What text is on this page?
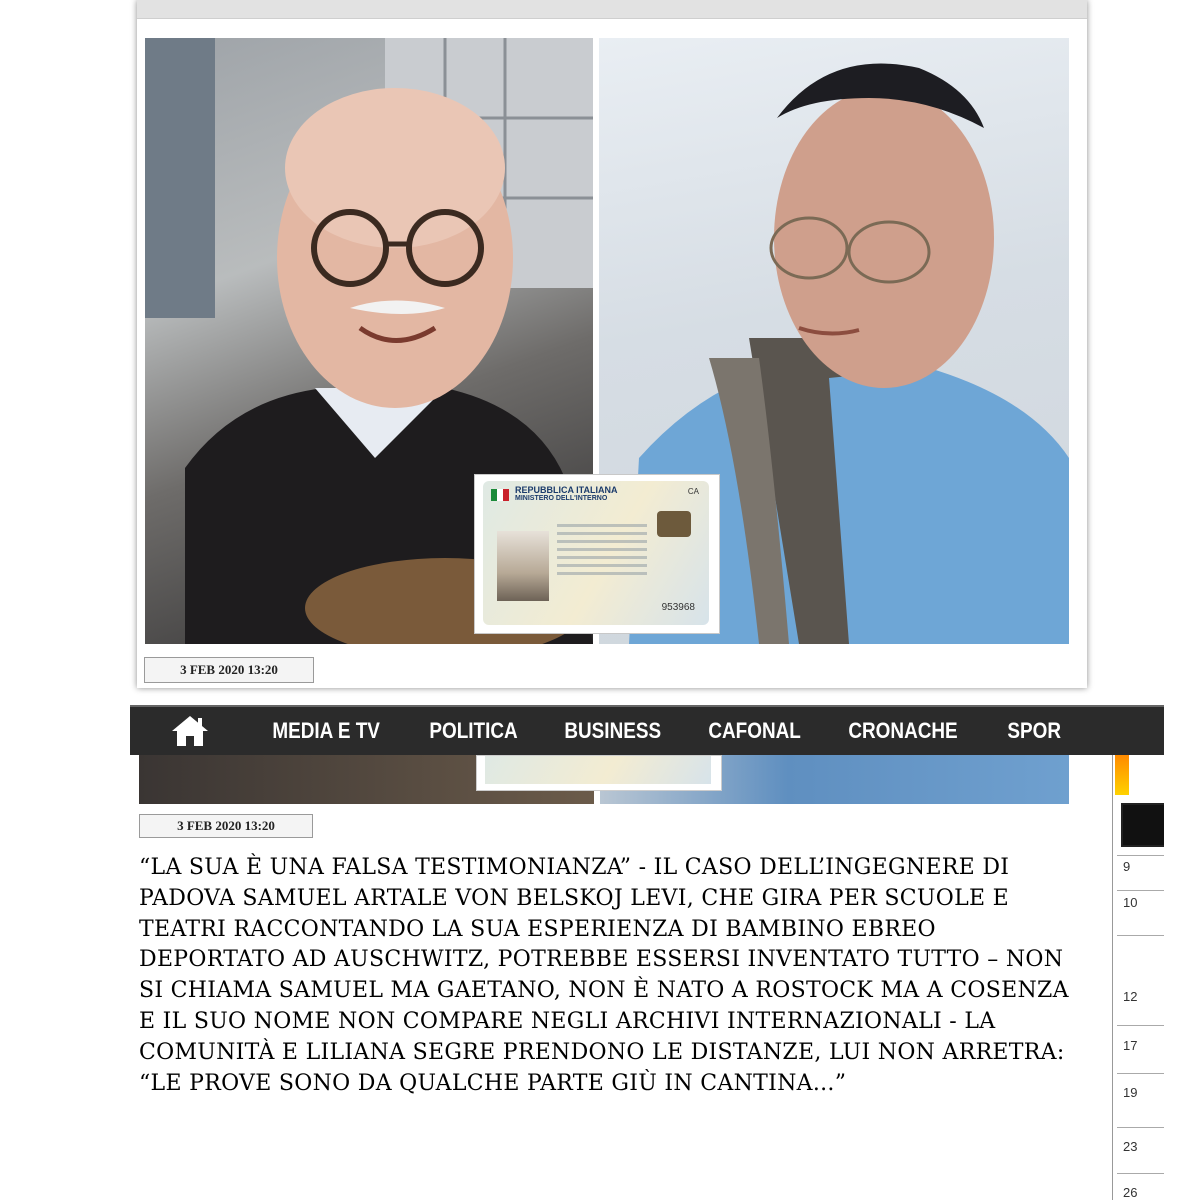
REPUBBLICA ITALIANA
MINISTERO DELL'INTERNO
CA
953968
3 FEB 2020 13:20
MEDIA E TV	POLITICA	BUSINESS	CAFONAL	CRONACHE	SPOR
3 FEB 2020 13:20
“LA SUA È UNA FALSA TESTIMONIANZA” - IL CASO DELL’INGEGNERE DI PADOVA SAMUEL ARTALE VON BELSKOJ LEVI, CHE GIRA PER SCUOLE E TEATRI RACCONTANDO LA SUA ESPERIENZA DI BAMBINO EBREO DEPORTATO AD AUSCHWITZ, POTREBBE ESSERSI INVENTATO TUTTO – NON SI CHIAMA SAMUEL MA GAETANO, NON È NATO A ROSTOCK MA A COSENZA E IL SUO NOME NON COMPARE NEGLI ARCHIVI INTERNAZIONALI - LA COMUNITÀ E LILIANA SEGRE PRENDONO LE DISTANZE, LUI NON ARRETRA: “LE PROVE SONO DA QUALCHE PARTE GIÙ IN CANTINA...”
9
10
12
17
19
23
26
